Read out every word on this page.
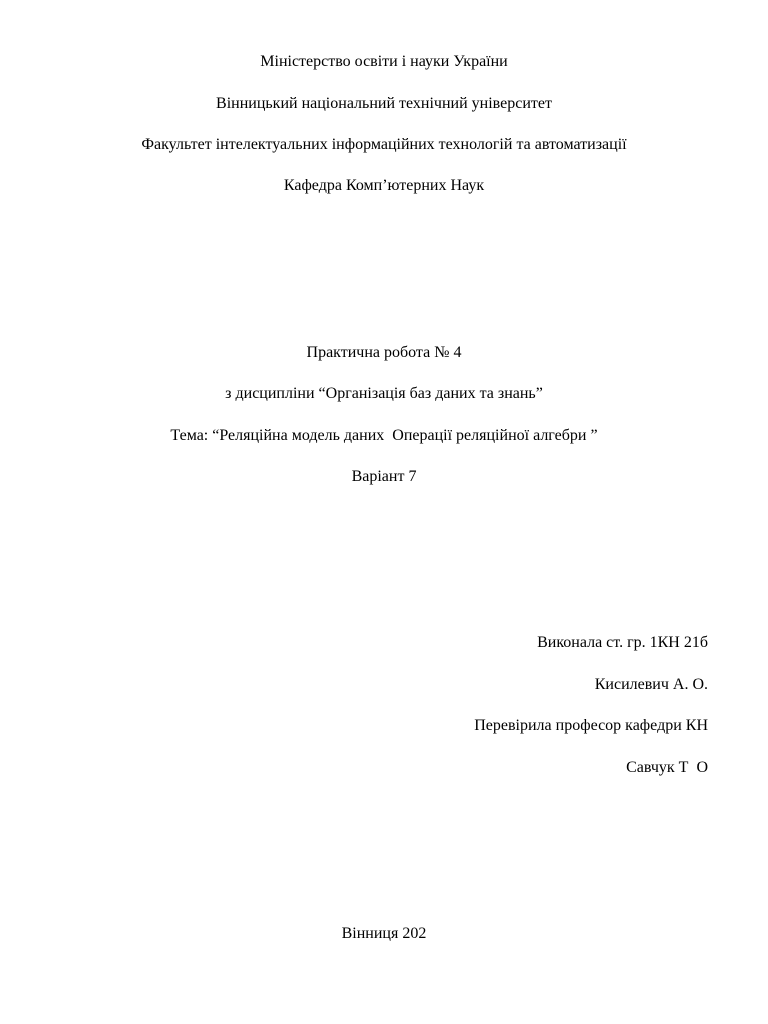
Міністерство освіти і науки України
Вінницький національний технічний університет
Факультет інтелектуальних інформаційних технологій та автоматизації
Кафедра Комп’ютерних Наук
Практична робота № 4
з дисципліни “Організація баз даних та знань”
Тема: “Реляційна модель даних  Операції реляційної алгебри ”
Варіант 7
Виконала ст. гр. 1КН 21б
Кисилевич А. О.
Перевірила професор кафедри КН
Савчук Т  О
Вінниця 202
